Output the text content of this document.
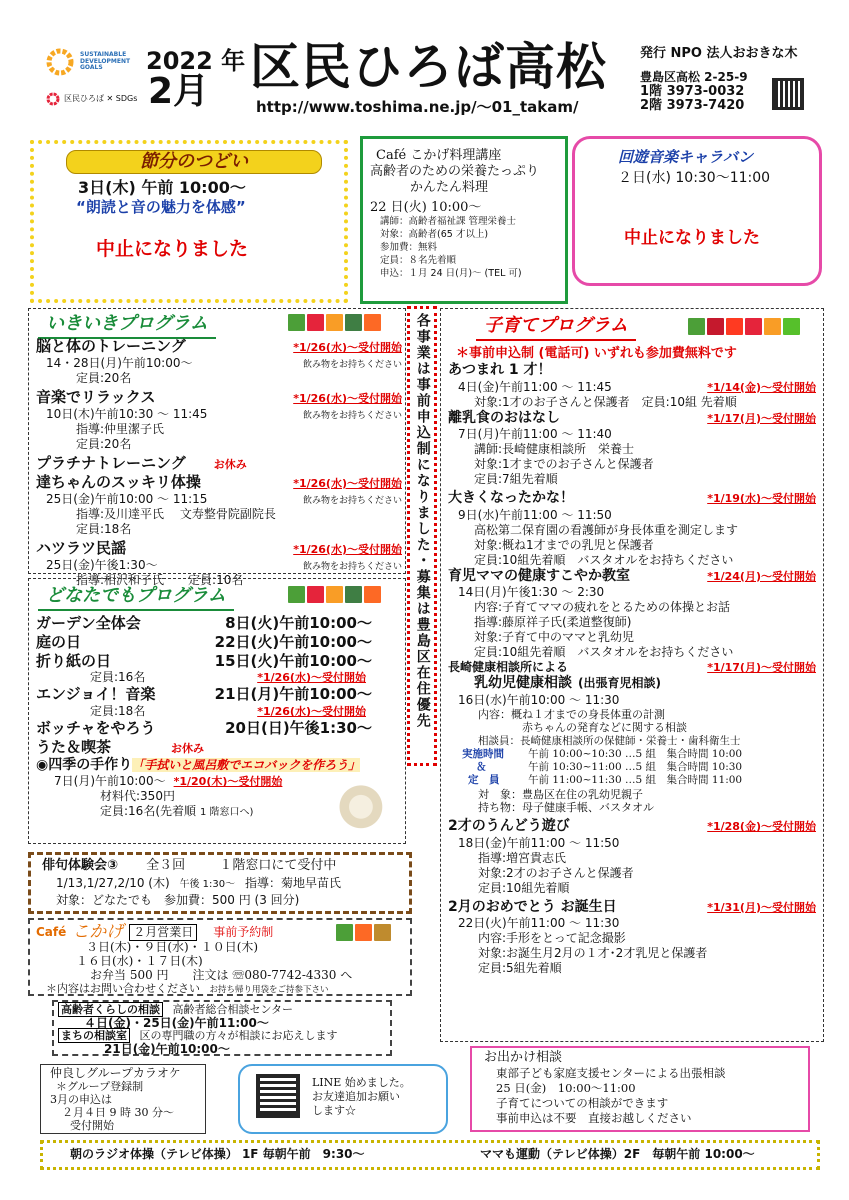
SUSTAINABLE DEVELOPMENT GOALS
区民ひろば ✕ SDGs
2022 年
2月 区民ひろば高松
http://www.toshima.ne.jp/～01_takam/
発行 NPO 法人おおきな木
豊島区高松 2-25-9
1階 3973-0032
2階 3973-7420
節分のつどい
3日(木) 午前 10:00～
“朗読と音の魅力を体感”
中止になりました
Café こかげ料理講座
高齢者のための栄養たっぷり
かんたん料理
22 日(火) 10:00～
講師：高齢者福祉課 管理栄養士
対象：高齢者(65 才以上)
参加費：無料
定員：８名先着順
申込：１月 24 日(月)～ (TEL 可)
回遊音楽キャラバン
２日(水) 10:30～11:00
中止になりました
いきいきプログラム
脳と体のトレーニング	*1/26(水)～受付開始
14・28日(月)午前10:00～	飲み物をお持ちください
定員:20名
音楽でリラックス	*1/26(水)～受付開始
10日(木)午前10:30 ～ 11:45	飲み物をお持ちください
指導:仲里潔子氏
定員:20名
プラチナトレーニング	お休み
達ちゃんのスッキリ体操	*1/26(水)～受付開始
25日(金)午前10:00 ～ 11:15	飲み物をお持ちください
指導:及川達平氏　 文寿整骨院副院長
定員:18名
ハツラツ民謡	*1/26(水)～受付開始
25日(金)午後1:30～	飲み物をお持ちください
指導:相沢和子氏　　定員:10名	各事業は事前申込制になりました・募集は豊島区在住優先
どなたでもプログラム
ガーデン全体会	8日(火)午前10:00～
庭の日	22日(火)午前10:00～
折り紙の日	15日(火)午前10:00～
定員:16名	*1/26(水)～受付開始
エンジョイ！音楽	21日(月)午前10:00～
定員:18名	*1/26(水)～受付開始
ボッチャをやろう	20日(日)午後1:30～
うた＆喫茶	お休み
◉四季の手作り「手拭いと風呂敷でエコバックを作ろう」
7日(月)午前10:00～ *1/20(木)～受付開始
材料代:350円
定員:16名(先着順 1 階窓口へ)
俳句体験会③ 全３回	１階窓口にて受付中
1/13,1/27,2/10 (木) 午後 1:30～ 指導：菊地早苗氏
対象：どなたでも　参加費：500 円 (3 回分)
Café こかげ ２月営業日	事前予約制
３日(木)・９日(水)・１０日(木)
１６日(水)・１７日(木)
お弁当 500 円　　注文は ☏080-7742-4330 へ
＊内容はお問い合わせください お持ち帰り用袋をご持参下さい
高齢者くらしの相談 高齢者総合相談センター
４日(金)・25日(金)午前11:00～
まちの相談室 区の専門職の方々が相談にお応えします
21日(金)午前10:00～
仲良しグループカラオケ
＊グループ登録制
3月の申込は
２月４日 9 時 30 分～
受付開始
LINE 始めました。
お友達追加お願い
します☆
子育てプログラム
＊事前申込制 (電話可) いずれも参加費無料です
あつまれ 1 才！
4日(金)午前11:00 ～ 11:45	*1/14(金)～受付開始
対象:1才のお子さんと保護者　定員:10組 先着順
離乳食のおはなし	*1/17(月)～受付開始
7日(月)午前11:00 ～ 11:40
講師:長崎健康相談所　栄養士
対象:1才までのお子さんと保護者
定員:7組先着順
大きくなったかな！	*1/19(水)～受付開始
9日(水)午前11:00 ～ 11:50
高松第二保育園の看護師が身長体重を測定します
対象:概ね1才までの乳児と保護者
定員:10組先着順　バスタオルをお持ちください
育児ママの健康すこやか教室	*1/24(月)～受付開始
14日(月)午後1:30 ～ 2:30
内容:子育てママの疲れをとるための体操とお話
指導:藤原祥子氏(柔道整復師)
対象:子育て中のママと乳幼児
定員:10組先着順　バスタオルをお持ちください
長崎健康相談所による	*1/17(月)～受付開始
乳幼児健康相談 (出張育児相談)
16日(水)午前10:00 ～ 11:30
内容：概ね１才までの身長体重の計測
赤ちゃんの発育などに関する相談
相談員：長崎健康相談所の保健師・栄養士・歯科衛生士
実施時間 午前 10:00~10:30 …5 組　集合時間 10:00
＆	午前 10:30~11:00 …5 組　集合時間 10:30
定　員	午前 11:00~11:30 …5 組　集合時間 11:00
対　象：豊島区在住の乳幼児親子
持ち物：母子健康手帳、バスタオル
2才のうんどう遊び	*1/28(金)～受付開始
18日(金)午前11:00 ～ 11:50
指導:増宮貴志氏
対象:2才のお子さんと保護者
定員:10組先着順
2月のおめでとう お誕生日	*1/31(月)～受付開始
22日(火)午前11:00 ～ 11:30
内容:手形をとって記念撮影
対象:お誕生月2月の１才･2才乳児と保護者
定員:5組先着順
お出かけ相談
東部子ども家庭支援センターによる出張相談
25 日(金)　10:00～11:00
子育てについての相談ができます
事前申込は不要　直接お越しください
朝のラジオ体操（テレビ体操） 1F 毎朝午前　9:30～	ママも運動（テレビ体操）2F　毎朝午前 10:00～
